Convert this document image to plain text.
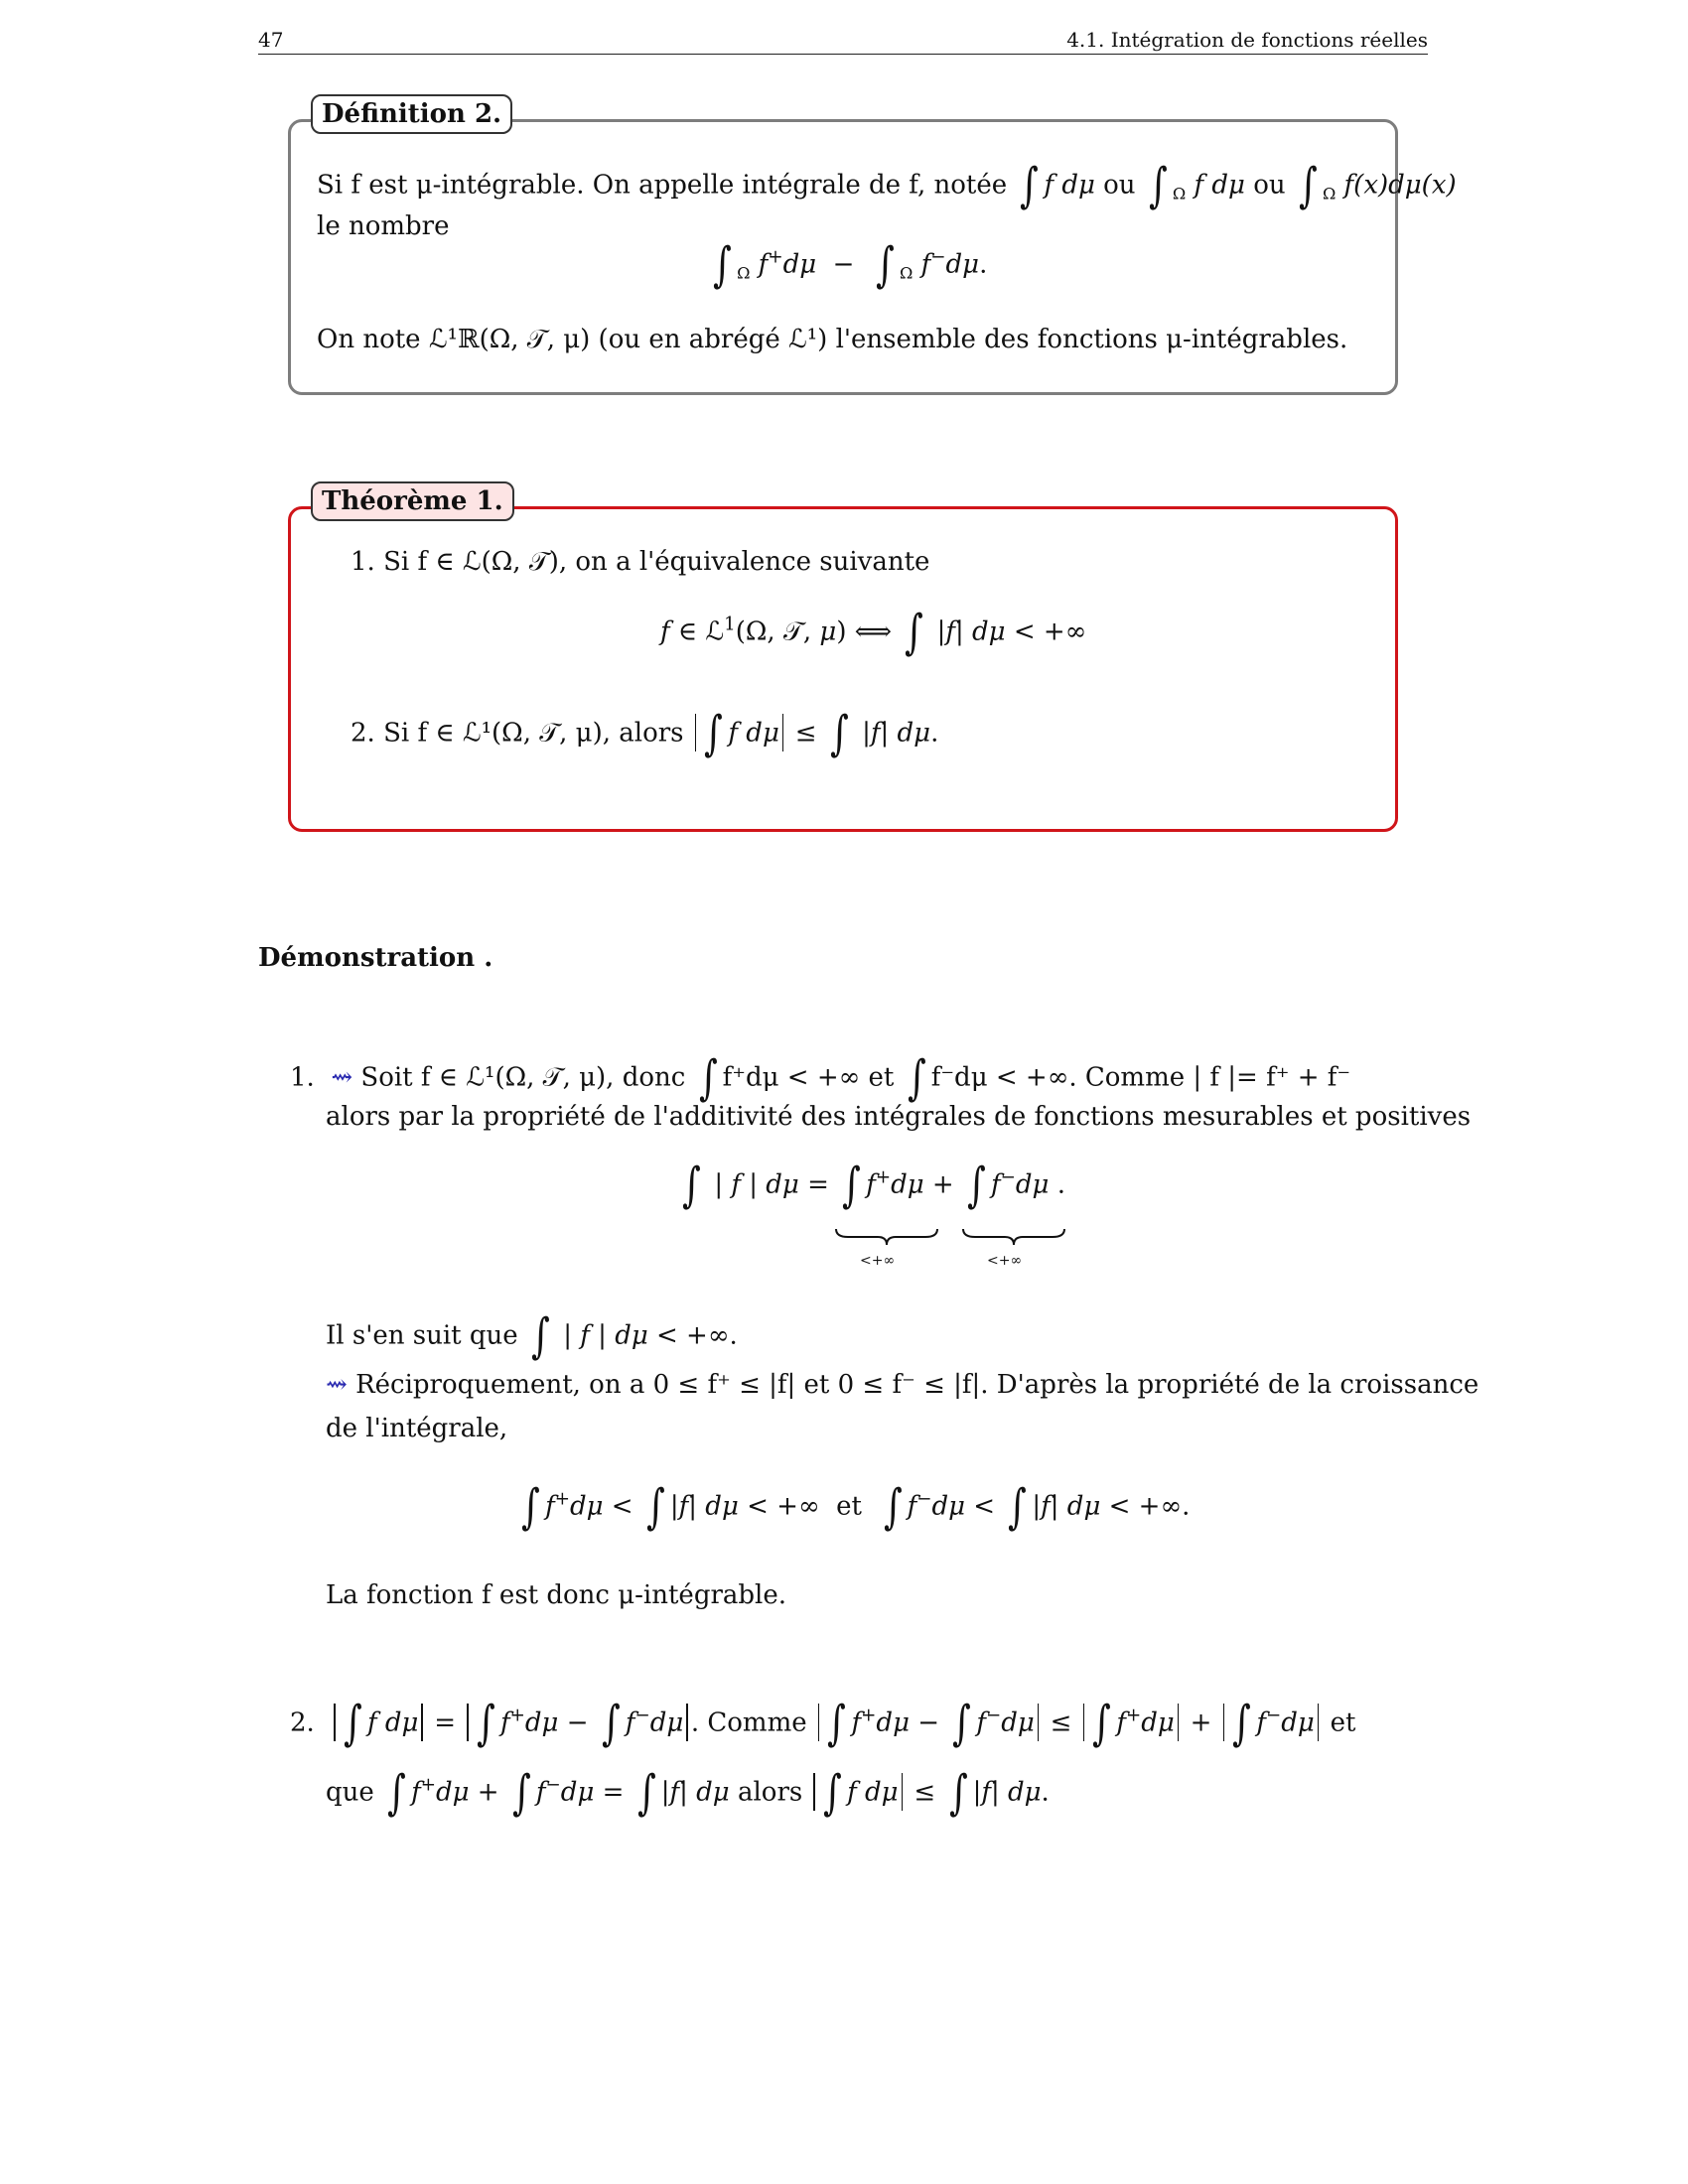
47	4.1. Intégration de fonctions réelles
Définition 2.
Si f est μ-intégrable. On appelle intégrale de f, notée ∫ f dμ ou ∫ $_\Omega$ f dμ ou ∫ $_\Omega$ f(x)dμ(x)
le nombre
∫ $_\Omega$ f+dμ  −  ∫ $_\Omega$ f−dμ.
On note ℒ¹ℝ(Ω, 𝒯, μ) (ou en abrégé ℒ¹) l'ensemble des fonctions μ-intégrables.
Théorème 1.
1. Si f ∈ ℒ(Ω, 𝒯), on a l'équivalence suivante
f ∈ ℒ$^1$(Ω, 𝒯, μ) ⟺ ∫ |f| dμ < +∞
2. Si f ∈ ℒ¹(Ω, 𝒯, μ), alors ∫ f dμ ≤ ∫ |f| dμ.
Démonstration .
1.  ⇝ Soit f ∈ ℒ¹(Ω, 𝒯, μ), donc ∫ f⁺dμ < +∞ et ∫ f⁻dμ < +∞. Comme | f |= f⁺ + f⁻
alors par la propriété de l'additivité des intégrales de fonctions mesurables et positives
∫ | f | dμ = ∫ f+dμ + ∫ f−dμ .
<+∞	<+∞
Il s'en suit que ∫ | f | dμ < +∞.
⇝ Réciproquement, on a 0 ≤ f⁺ ≤ |f| et 0 ≤ f⁻ ≤ |f|. D'après la propriété de la croissance
de l'intégrale,
∫ f+dμ < ∫ |f| dμ < +∞  et  ∫ f−dμ < ∫ |f| dμ < +∞.
La fonction f est donc μ-intégrable.
2.  ∫ f dμ = ∫ f+dμ − ∫ f−dμ . Comme ∫ f+dμ − ∫ f−dμ ≤ ∫ f+dμ + ∫ f−dμ et
que ∫ f+dμ + ∫ f−dμ = ∫ |f| dμ alors ∫ f dμ ≤ ∫ |f| dμ.
